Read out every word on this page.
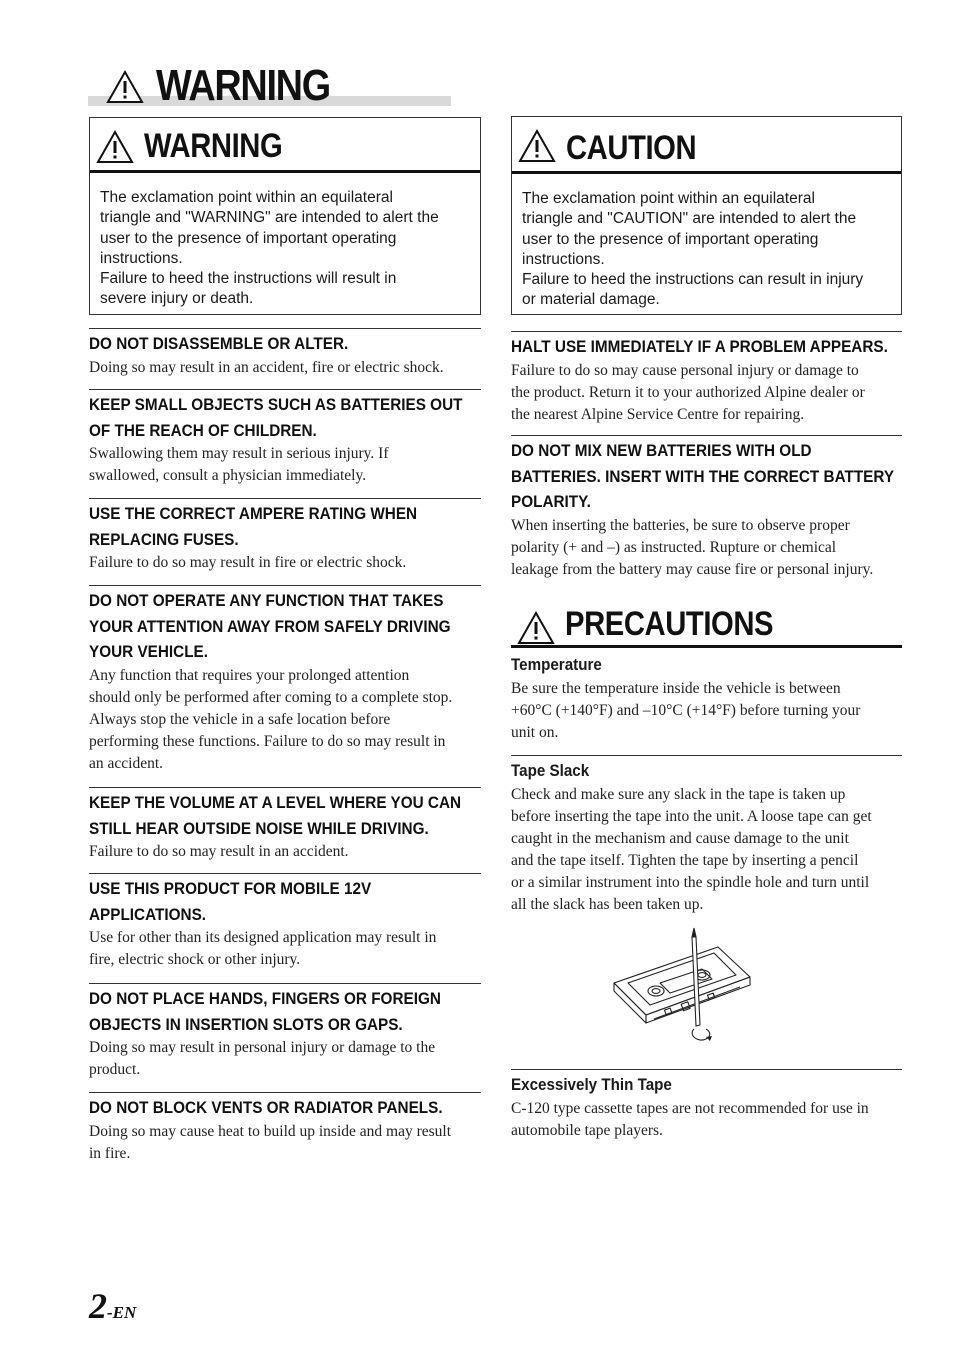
WARNING
WARNING

The exclamation point within an equilateral

triangle and "WARNING" are intended to alert the

user to the presence of important operating

instructions.

Failure to heed the instructions will result in

severe injury or death.

CAUTION

The exclamation point within an equilateral

triangle and "CAUTION" are intended to alert the

user to the presence of important operating

instructions.

Failure to heed the instructions can result in injury

or material damage.

DO NOT DISASSEMBLE OR ALTER.

Doing so may result in an accident, fire or electric shock.

KEEP SMALL OBJECTS SUCH AS BATTERIES OUT
OF THE REACH OF CHILDREN.

Swallowing them may result in serious injury. If
swallowed, consult a physician immediately.

USE THE CORRECT AMPERE RATING WHEN
REPLACING FUSES.

Failure to do so may result in fire or electric shock.

DO NOT OPERATE ANY FUNCTION THAT TAKES
YOUR ATTENTION AWAY FROM SAFELY DRIVING
YOUR VEHICLE.

Any function that requires your prolonged attention
should only be performed after coming to a complete stop.
Always stop the vehicle in a safe location before
performing these functions. Failure to do so may result in
an accident.

KEEP THE VOLUME AT A LEVEL WHERE YOU CAN
STILL HEAR OUTSIDE NOISE WHILE DRIVING.

Failure to do so may result in an accident.

USE THIS PRODUCT FOR MOBILE 12V
APPLICATIONS.

Use for other than its designed application may result in
fire, electric shock or other injury.

DO NOT PLACE HANDS, FINGERS OR FOREIGN
OBJECTS IN INSERTION SLOTS OR GAPS.

Doing so may result in personal injury or damage to the
product.

DO NOT BLOCK VENTS OR RADIATOR PANELS.

Doing so may cause heat to build up inside and may result
in fire.

HALT USE IMMEDIATELY IF A PROBLEM APPEARS.

Failure to do so may cause personal injury or damage to
the product. Return it to your authorized Alpine dealer or
the nearest Alpine Service Centre for repairing.

DO NOT MIX NEW BATTERIES WITH OLD
BATTERIES. INSERT WITH THE CORRECT BATTERY
POLARITY.

When inserting the batteries, be sure to observe proper
polarity (+ and –) as instructed. Rupture or chemical
leakage from the battery may cause fire or personal injury.

PRECAUTIONS
Temperature

Be sure the temperature inside the vehicle is between
+60°C (+140°F) and –10°C (+14°F) before turning your
unit on.

Tape Slack

Check and make sure any slack in the tape is taken up
before inserting the tape into the unit. A loose tape can get
caught in the mechanism and cause damage to the unit
and the tape itself. Tighten the tape by inserting a pencil
or a similar instrument into the spindle hole and turn until
all the slack has been taken up.

Excessively Thin Tape

C-120 type cassette tapes are not recommended for use in
automobile tape players.

2-EN
